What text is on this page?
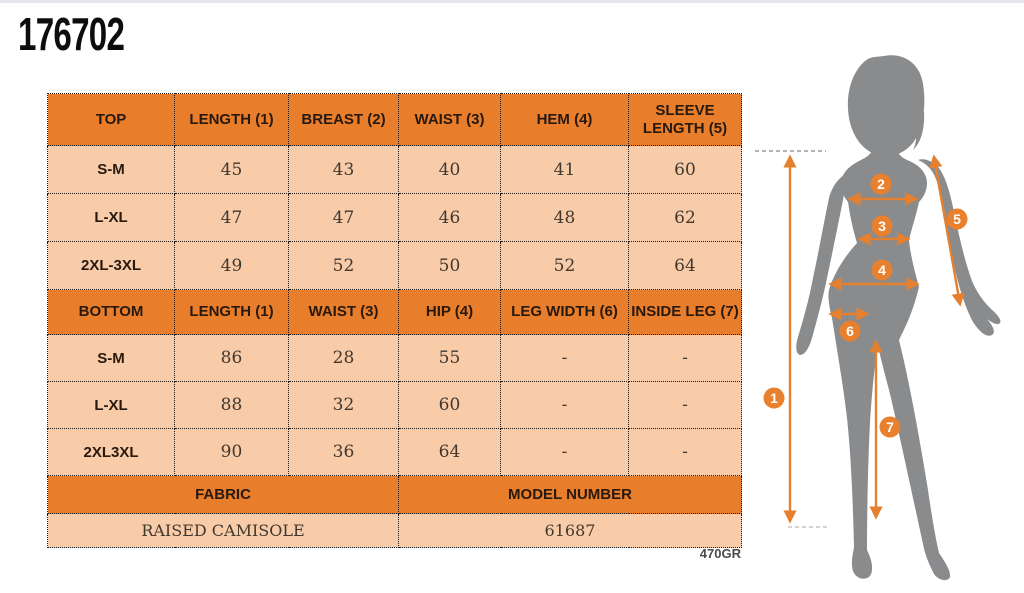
176702
TOP	LENGTH (1)	BREAST (2)	WAIST (3)	HEM (4)	SLEEVE LENGTH (5)
S-M	45	43	40	41	60
L-XL	47	47	46	48	62
2XL-3XL	49	52	50	52	64
BOTTOM	LENGTH (1)	WAIST (3)	HIP (4)	LEG WIDTH (6)	INSIDE LEG (7)
S-M	86	28	55	-	-
L-XL	88	32	60	-	-
2XL3XL	90	36	64	-	-
FABRIC			MODEL NUMBER		
RAISED CAMISOLE			61687		
470GR
1
2
3
4
5
6
7
